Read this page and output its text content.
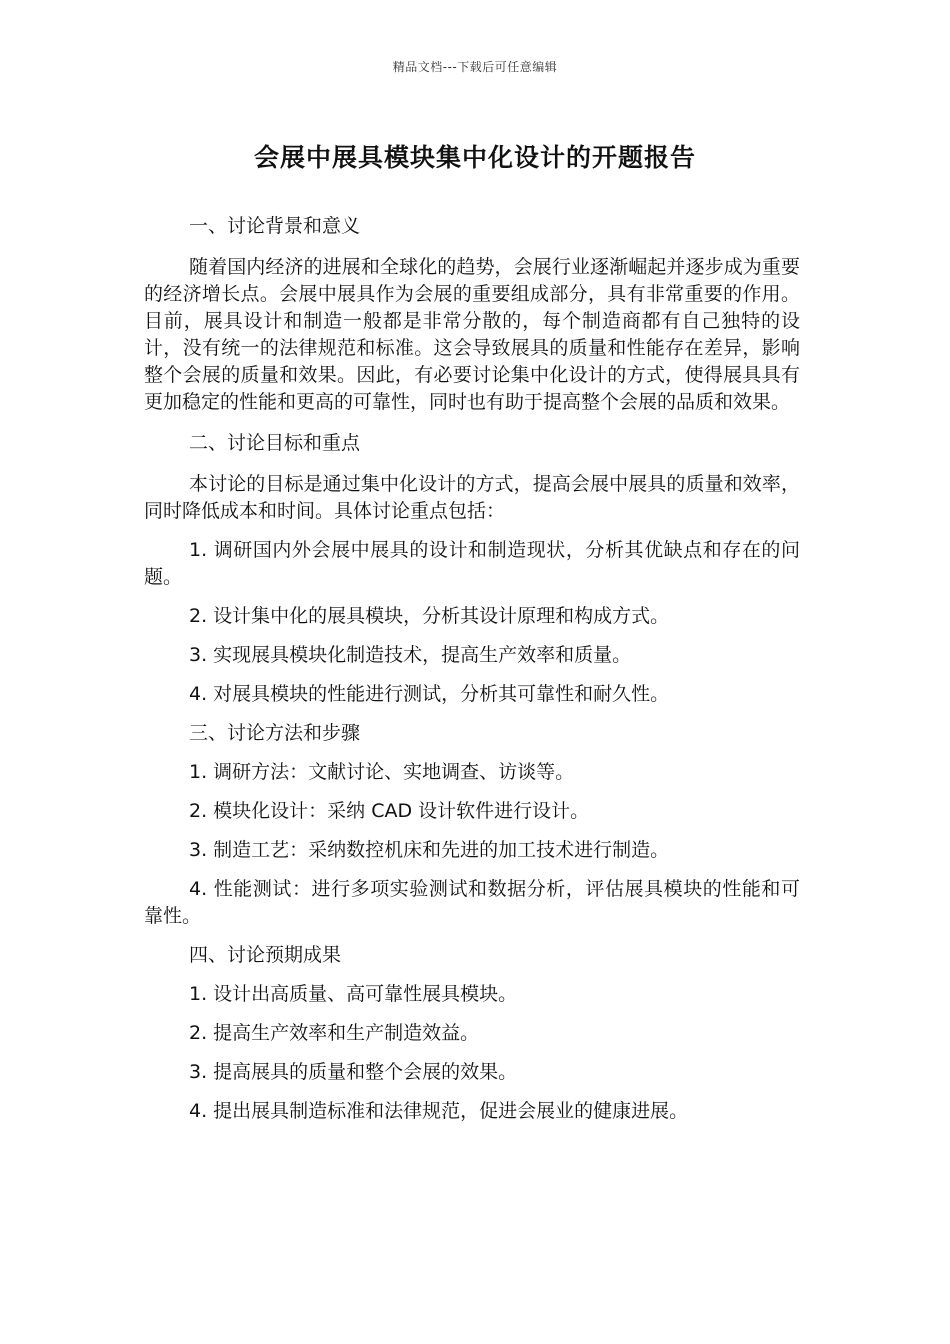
精品文档---下载后可任意编辑
会展中展具模块集中化设计的开题报告

一、讨论背景和意义

随着国内经济的进展和全球化的趋势，会展行业逐渐崛起并逐步成为重要的经济增长点。会展中展具作为会展的重要组成部分，具有非常重要的作用。目前，展具设计和制造一般都是非常分散的，每个制造商都有自己独特的设计，没有统一的法律规范和标准。这会导致展具的质量和性能存在差异，影响整个会展的质量和效果。因此，有必要讨论集中化设计的方式，使得展具具有更加稳定的性能和更高的可靠性，同时也有助于提高整个会展的品质和效果。

二、讨论目标和重点

本讨论的目标是通过集中化设计的方式，提高会展中展具的质量和效率，同时降低成本和时间。具体讨论重点包括：

1. 调研国内外会展中展具的设计和制造现状，分析其优缺点和存在的问题。

2. 设计集中化的展具模块，分析其设计原理和构成方式。

3. 实现展具模块化制造技术，提高生产效率和质量。

4. 对展具模块的性能进行测试，分析其可靠性和耐久性。

三、讨论方法和步骤

1. 调研方法：文献讨论、实地调查、访谈等。

2. 模块化设计：采纳 CAD 设计软件进行设计。

3. 制造工艺：采纳数控机床和先进的加工技术进行制造。

4. 性能测试：进行多项实验测试和数据分析，评估展具模块的性能和可靠性。

四、讨论预期成果

1. 设计出高质量、高可靠性展具模块。

2. 提高生产效率和生产制造效益。

3. 提高展具的质量和整个会展的效果。

4. 提出展具制造标准和法律规范，促进会展业的健康进展。
